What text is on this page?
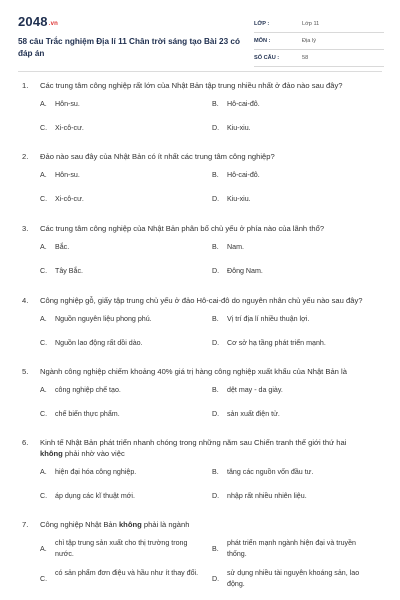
2048.vn
58 câu Trắc nghiệm Địa lí 11 Chân trời sáng tạo Bài 23 có
đáp án
LỚP :	Lớp 11
MÔN :	Địa lý
SỐ CÂU :	58
1. Các trung tâm công nghiệp rất lớn của Nhật Bản tập trung nhiều nhất ở đảo nào sau đây?
A. Hôn-su.	B. Hô-cai-đô.
C. Xi-cô-cư.	D. Kiu-xiu.
2. Đảo nào sau đây của Nhật Bản có ít nhất các trung tâm công nghiệp?
A. Hôn-su.	B. Hô-cai-đô.
C. Xi-cô-cư.	D. Kiu-xiu.
3. Các trung tâm công nghiệp của Nhật Bản phân bố chủ yếu ở phía nào của lãnh thổ?
A. Bắc.	B. Nam.
C. Tây Bắc.	D. Đông Nam.
4. Công nghiệp gỗ, giấy tập trung chủ yếu ở đảo Hô-cai-đô do nguyên nhân chủ yếu nào sau đây?
A. Nguồn nguyên liệu phong phú.	B. Vị trí địa lí nhiều thuận lợi.
C. Nguồn lao động rất dồi dào.	D. Cơ sở hạ tầng phát triển mạnh.
5. Ngành công nghiệp chiếm khoảng 40% giá trị hàng công nghiệp xuất khẩu của Nhật Bản là
A. công nghiệp chế tạo.	B. dệt may - da giày.
C. chế biến thực phẩm.	D. sản xuất điện tử.
6. Kinh tế Nhật Bản phát triển nhanh chóng trong những năm sau Chiến tranh thế giới thứ hai
không phải nhờ vào việc
A. hiện đại hóa công nghiệp.	B. tăng các nguồn vốn đầu tư.
C. áp dụng các kĩ thuật mới.	D. nhập rất nhiều nhiên liệu.
7. Công nghiệp Nhật Bản không phải là ngành
A.
chỉ tập trung sản xuất cho thị trường trong nước.
B.
phát triển mạnh ngành hiện đại và truyền thống.
C.
có sản phẩm đơn điệu và hầu như ít thay đổi.
D.
sử dụng nhiều tài nguyên khoáng sản, lao động.
